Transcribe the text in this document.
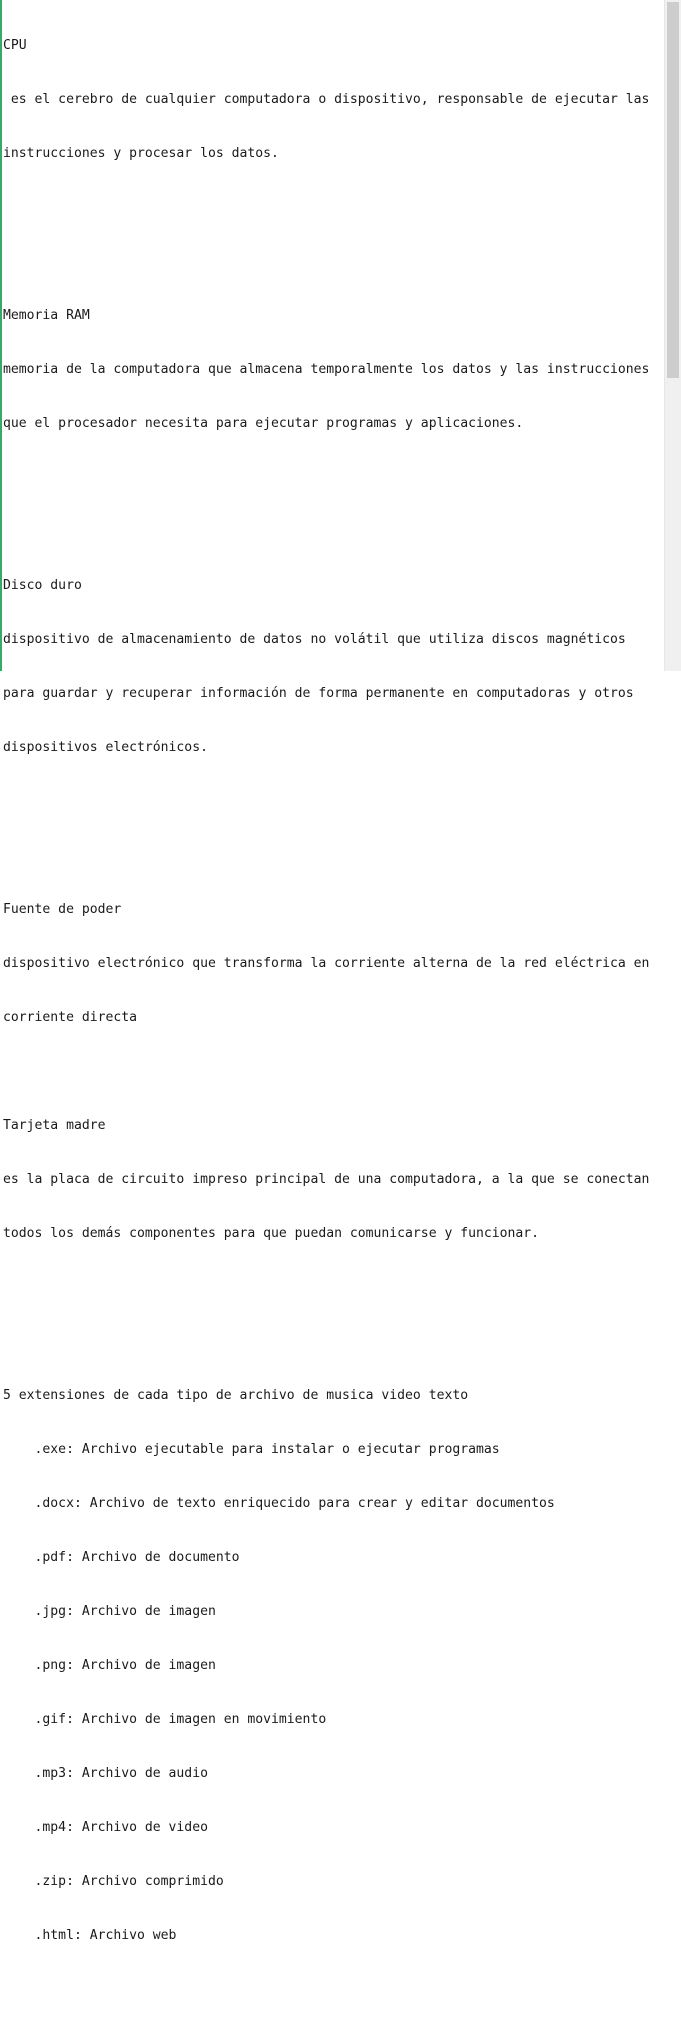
CPU

es el cerebro de cualquier computadora o dispositivo, responsable de ejecutar las

instrucciones y procesar los datos.

Memoria RAM

memoria de la computadora que almacena temporalmente los datos y las instrucciones

que el procesador necesita para ejecutar programas y aplicaciones.

Disco duro

dispositivo de almacenamiento de datos no volátil que utiliza discos magnéticos

para guardar y recuperar información de forma permanente en computadoras y otros

dispositivos electrónicos.

Fuente de poder

dispositivo electrónico que transforma la corriente alterna de la red eléctrica en

corriente directa

Tarjeta madre

es la placa de circuito impreso principal de una computadora, a la que se conectan

todos los demás componentes para que puedan comunicarse y funcionar.

5 extensiones de cada tipo de archivo de musica video texto

.exe: Archivo ejecutable para instalar o ejecutar programas

.docx: Archivo de texto enriquecido para crear y editar documentos

.pdf: Archivo de documento

.jpg: Archivo de imagen

.png: Archivo de imagen

.gif: Archivo de imagen en movimiento

.mp3: Archivo de audio

.mp4: Archivo de video

.zip: Archivo comprimido

.html: Archivo web
